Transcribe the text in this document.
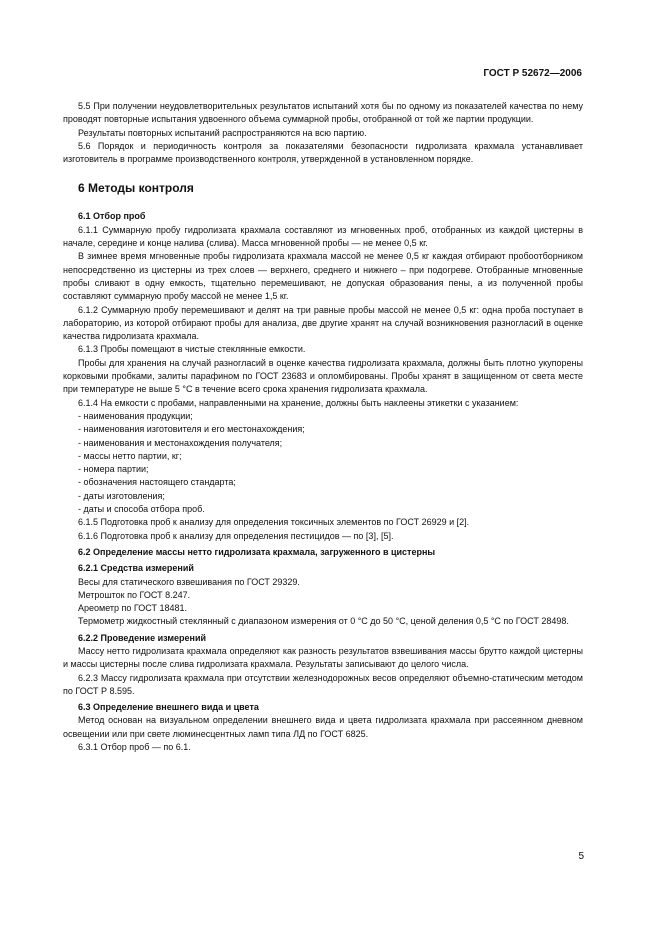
ГОСТ Р 52672—2006

5.5 При получении неудовлетворительных результатов испытаний хотя бы по одному из показателей качества по нему проводят повторные испытания удвоенного объема суммарной пробы, отобранной от той же партии продукции.

Результаты повторных испытаний распространяются на всю партию.

5.6 Порядок и периодичность контроля за показателями безопасности гидролизата крахмала устанавливает изготовитель в программе производственного контроля, утвержденной в установленном порядке.

6 Методы контроля
6.1 Отбор проб

6.1.1 Суммарную пробу гидролизата крахмала составляют из мгновенных проб, отобранных из каждой цистерны в начале, середине и конце налива (слива). Масса мгновенной пробы — не менее 0,5 кг.

В зимнее время мгновенные пробы гидролизата крахмала массой не менее 0,5 кг каждая отбирают пробоотборником непосредственно из цистерны из трех слоев — верхнего, среднего и нижнего – при подогреве. Отобранные мгновенные пробы сливают в одну емкость, тщательно перемешивают, не допуская образования пены, а из полученной пробы составляют суммарную пробу массой не менее 1,5 кг.

6.1.2 Суммарную пробу перемешивают и делят на три равные пробы массой не менее 0,5 кг: одна проба поступает в лабораторию, из которой отбирают пробы для анализа, две другие хранят на случай возникновения разногласий в оценке качества гидролизата крахмала.

6.1.3 Пробы помещают в чистые стеклянные емкости.

Пробы для хранения на случай разногласий в оценке качества гидролизата крахмала, должны быть плотно укупорены корковыми пробками, залиты парафином по ГОСТ 23683 и опломбированы. Пробы хранят в защищенном от света месте при температуре не выше 5 °С в течение всего срока хранения гидролизата крахмала.

6.1.4 На емкости с пробами, направленными на хранение, должны быть наклеены этикетки с указанием:

- наименования продукции;
- наименования изготовителя и его местонахождения;
- наименования и местонахождения получателя;
- массы нетто партии, кг;
- номера партии;
- обозначения настоящего стандарта;
- даты изготовления;
- даты и способа отбора проб.

6.1.5 Подготовка проб к анализу для определения токсичных элементов по ГОСТ 26929 и [2].

6.1.6 Подготовка проб к анализу для определения пестицидов — по [3], [5].

6.2 Определение массы нетто гидролизата крахмала, загруженного в цистерны
6.2.1 Средства измерений

Весы для статического взвешивания по ГОСТ 29329.

Метрошток по ГОСТ 8.247.

Ареометр по ГОСТ 18481.

Термометр жидкостный стеклянный с диапазоном измерения от 0 °С до 50 °С, ценой деления 0,5 °С по ГОСТ 28498.

6.2.2 Проведение измерений

Массу нетто гидролизата крахмала определяют как разность результатов взвешивания массы брутто каждой цистерны и массы цистерны после слива гидролизата крахмала. Результаты записывают до целого числа.

6.2.3 Массу гидролизата крахмала при отсутствии железнодорожных весов определяют объемно-статическим методом по ГОСТ Р 8.595.

6.3 Определение внешнего вида и цвета

Метод основан на визуальном определении внешнего вида и цвета гидролизата крахмала при рассеянном дневном освещении или при свете люминесцентных ламп типа ЛД по ГОСТ 6825.

6.3.1 Отбор проб — по 6.1.

5
